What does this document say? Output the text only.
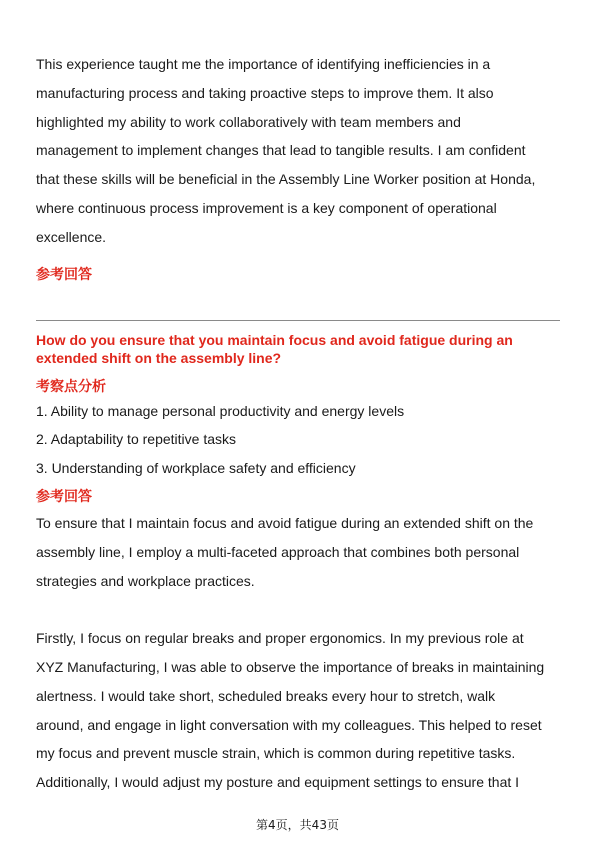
This experience taught me the importance of identifying inefficiencies in a
manufacturing process and taking proactive steps to improve them. It also
highlighted my ability to work collaboratively with team members and
management to implement changes that lead to tangible results. I am confident
that these skills will be beneficial in the Assembly Line Worker position at Honda,
where continuous process improvement is a key component of operational
excellence.

参考回答

How do you ensure that you maintain focus and avoid fatigue during an extended shift on the assembly line?

考察点分析

1. Ability to manage personal productivity and energy levels
2. Adaptability to repetitive tasks
3. Understanding of workplace safety and efficiency

参考回答

To ensure that I maintain focus and avoid fatigue during an extended shift on the
assembly line, I employ a multi-faceted approach that combines both personal
strategies and workplace practices.

Firstly, I focus on regular breaks and proper ergonomics. In my previous role at
XYZ Manufacturing, I was able to observe the importance of breaks in maintaining
alertness. I would take short, scheduled breaks every hour to stretch, walk
around, and engage in light conversation with my colleagues. This helped to reset
my focus and prevent muscle strain, which is common during repetitive tasks.
Additionally, I would adjust my posture and equipment settings to ensure that I

第4页，共43页
